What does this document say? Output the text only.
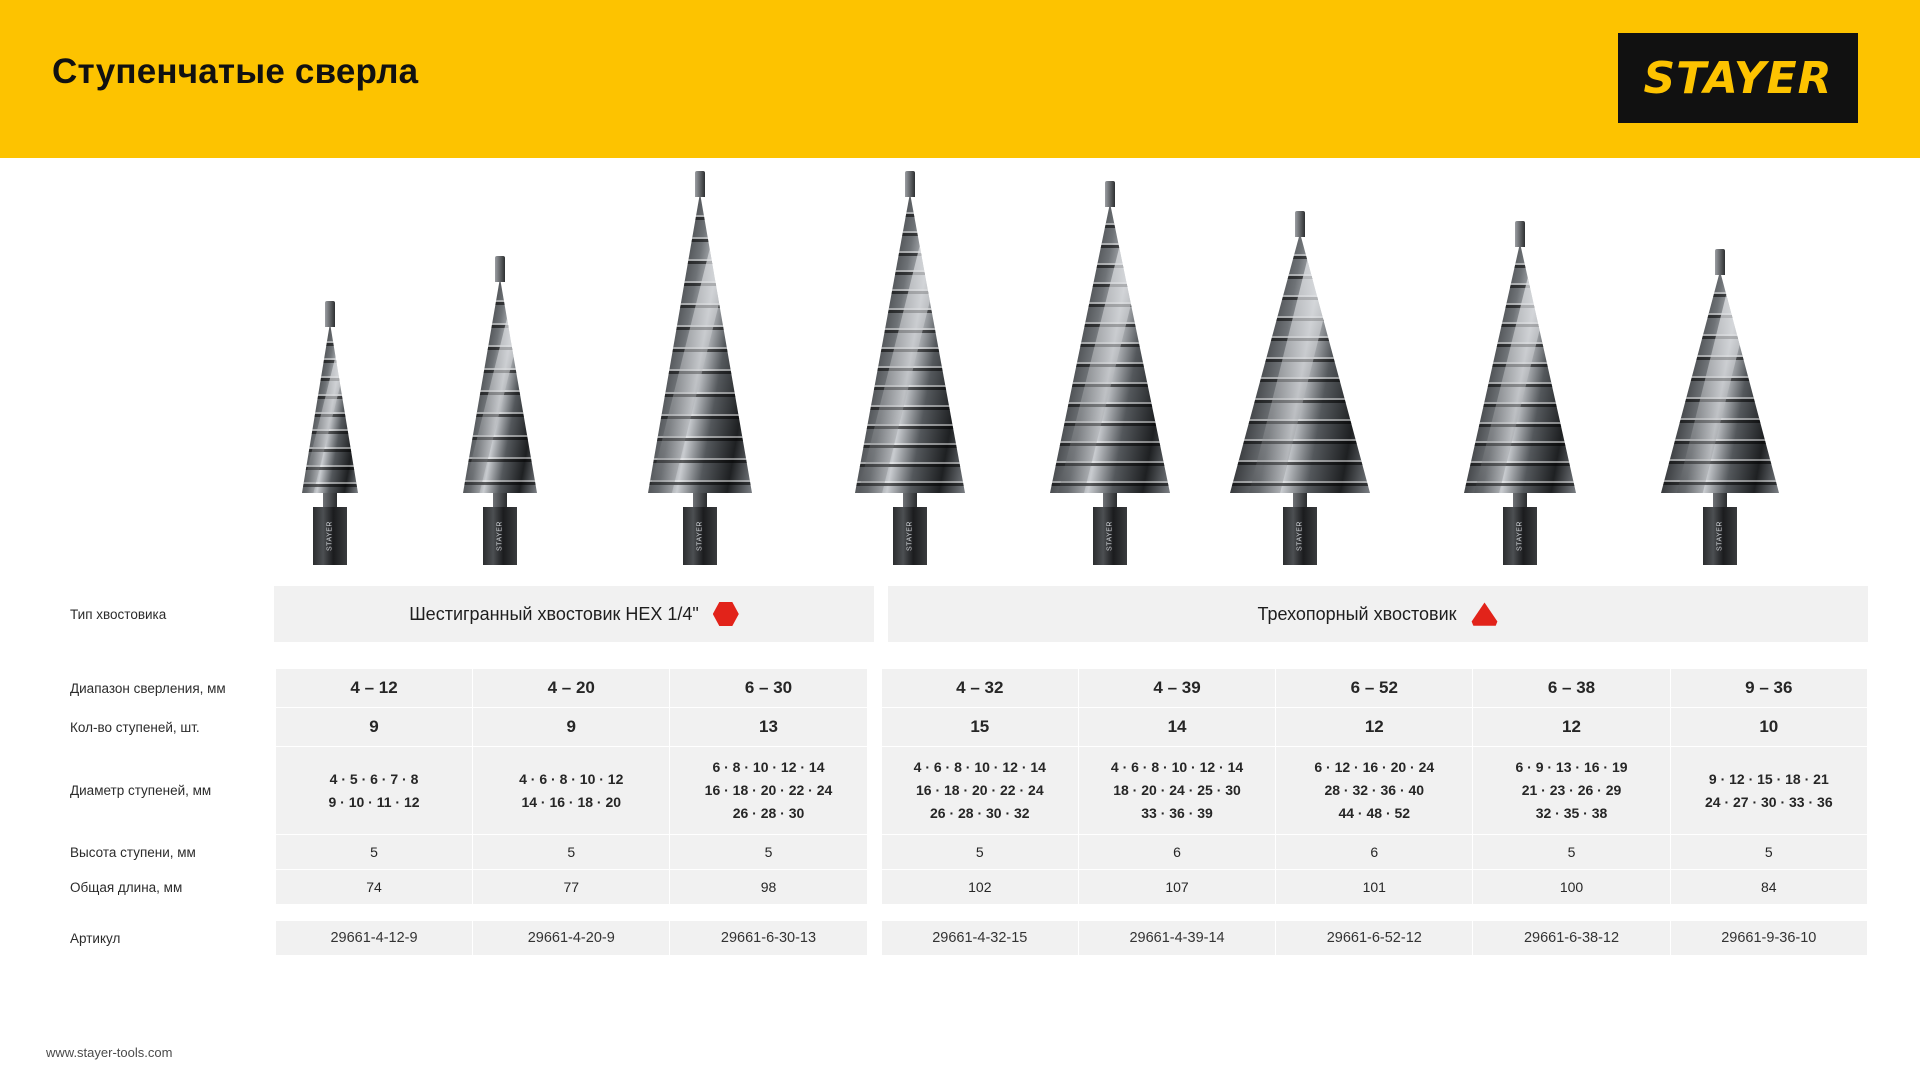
Ступенчатые сверла	STAYER
STAYER	STAYER	STAYER	STAYER	STAYER	STAYER	STAYER	STAYER
Тип хвостовика	Шестигранный хвостовик HEX 1/4"	Трехопорный хвостовик
Диапазон сверления, мм	4 – 12	4 – 20	6 – 30		4 – 32	4 – 39	6 – 52	6 – 38	9 – 36
Кол-во ступеней, шт.	9	9	13		15	14	12	12	10
Диаметр ступеней, мм	4 · 5 · 6 · 7 · 8
9 · 10 · 11 · 12	4 · 6 · 8 · 10 · 12
14 · 16 · 18 · 20	6 · 8 · 10 · 12 · 14
16 · 18 · 20 · 22 · 24
26 · 28 · 30		4 · 6 · 8 · 10 · 12 · 14
16 · 18 · 20 · 22 · 24
26 · 28 · 30 · 32	4 · 6 · 8 · 10 · 12 · 14
18 · 20 · 24 · 25 · 30
33 · 36 · 39	6 · 12 · 16 · 20 · 24
28 · 32 · 36 · 40
44 · 48 · 52	6 · 9 · 13 · 16 · 19
21 · 23 · 26 · 29
32 · 35 · 38	9 · 12 · 15 · 18 · 21
24 · 27 · 30 · 33 · 36
Высота ступени, мм	5	5	5		5	6	6	5	5
Общая длина, мм	74	77	98		102	107	101	100	84

Артикул	29661-4-12-9	29661-4-20-9	29661-6-30-13		29661-4-32-15	29661-4-39-14	29661-6-52-12	29661-6-38-12	29661-9-36-10
www.stayer-tools.com
